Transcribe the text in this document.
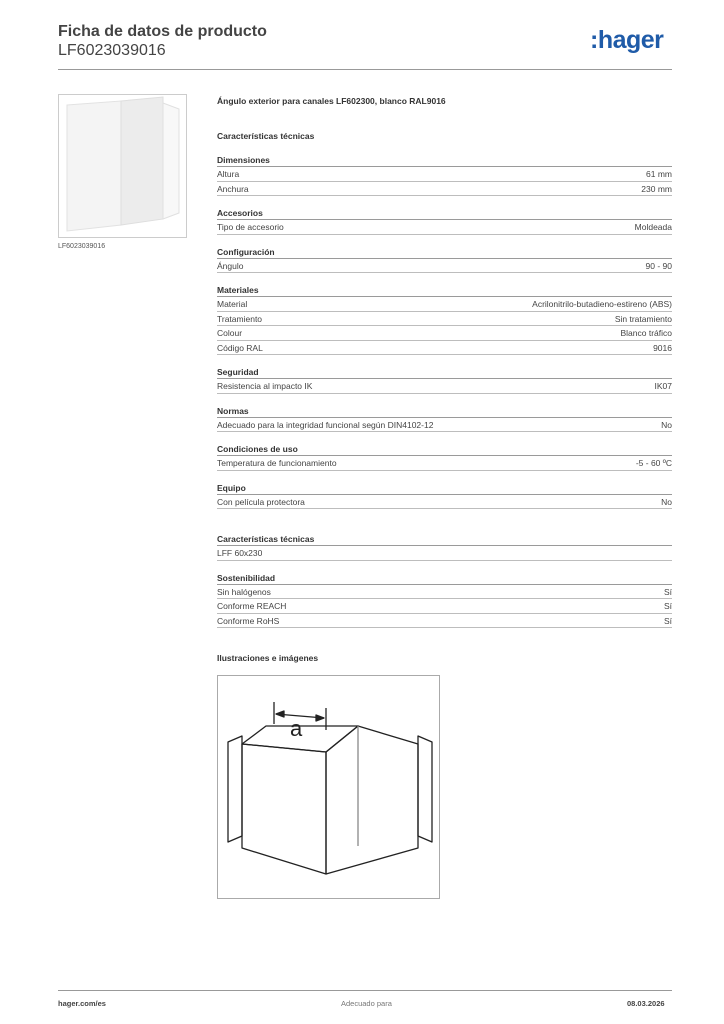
Ficha de datos de producto
LF6023039016	:hager
LF6023039016
Ángulo exterior para canales LF602300, blanco RAL9016
Características técnicas
Dimensiones
Altura	61 mm
Anchura	230 mm
Accesorios
Tipo de accesorio	Moldeada
Configuración
Ángulo	90 - 90
Materiales
Material	Acrilonitrilo-butadieno-estireno (ABS)
Tratamiento	Sin tratamiento
Colour	Blanco tráfico
Código RAL	9016
Seguridad
Resistencia al impacto IK	IK07
Normas
Adecuado para la integridad funcional según DIN4102-12	No
Condiciones de uso
Temperatura de funcionamiento	-5 - 60 ºC
Equipo
Con película protectora	No
Características técnicas
LFF 60x230
Sostenibilidad
Sin halógenos	Sí
Conforme REACH	Sí
Conforme RoHS	Sí
Ilustraciones e imágenes
a
hager.com/es	Adecuado para	08.03.2026
